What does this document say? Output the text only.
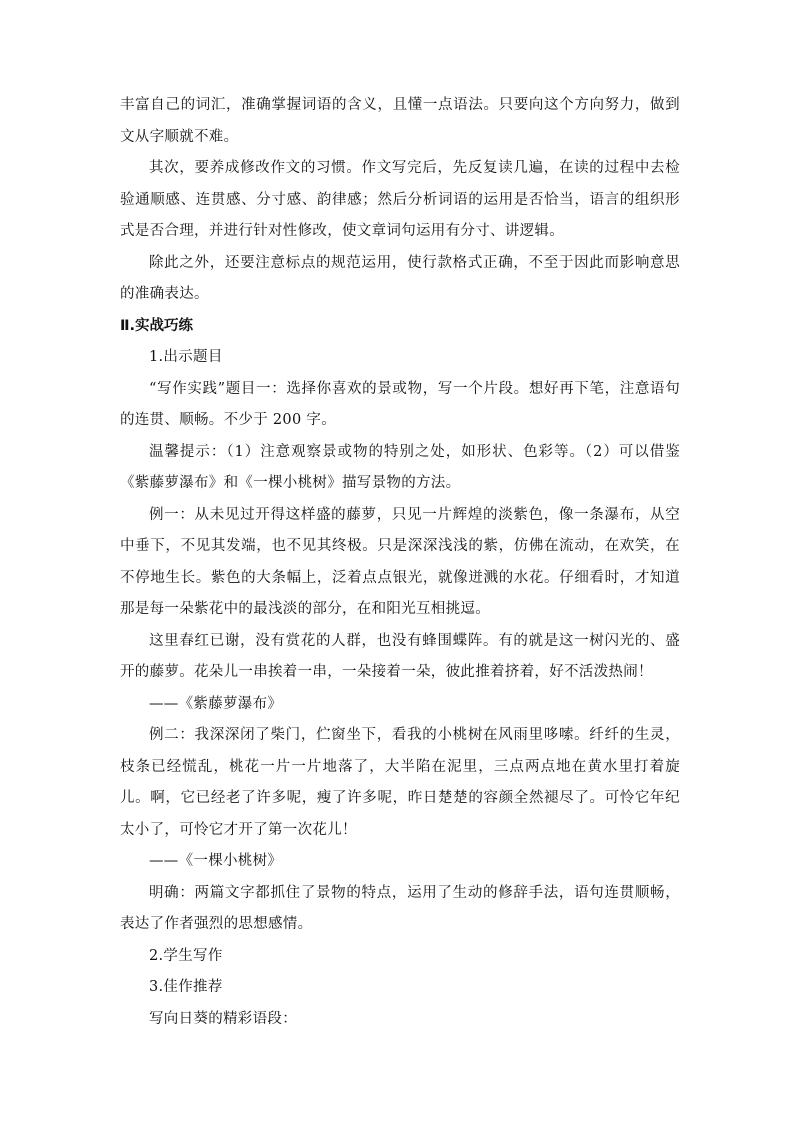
丰富自己的词汇，准确掌握词语的含义，且懂一点语法。只要向这个方向努力，做到文从字顺就不难。

其次，要养成修改作文的习惯。作文写完后，先反复读几遍，在读的过程中去检验通顺感、连贯感、分寸感、韵律感；然后分析词语的运用是否恰当，语言的组织形式是否合理，并进行针对性修改，使文章词句运用有分寸、讲逻辑。

除此之外，还要注意标点的规范运用，使行款格式正确，不至于因此而影响意思的准确表达。

Ⅱ.实战巧练

1.出示题目

“写作实践”题目一：选择你喜欢的景或物，写一个片段。想好再下笔，注意语句的连贯、顺畅。不少于 200 字。

温馨提示：（1）注意观察景或物的特别之处，如形状、色彩等。（2）可以借鉴《紫藤萝瀑布》和《一棵小桃树》描写景物的方法。

例一：从未见过开得这样盛的藤萝，只见一片辉煌的淡紫色，像一条瀑布，从空中垂下，不见其发端，也不见其终极。只是深深浅浅的紫，仿佛在流动，在欢笑，在不停地生长。紫色的大条幅上，泛着点点银光，就像迸溅的水花。仔细看时，才知道那是每一朵紫花中的最浅淡的部分，在和阳光互相挑逗。

这里春红已谢，没有赏花的人群，也没有蜂围蝶阵。有的就是这一树闪光的、盛开的藤萝。花朵儿一串挨着一串，一朵接着一朵，彼此推着挤着，好不活泼热闹！

——《紫藤萝瀑布》

例二：我深深闭了柴门，伫窗坐下，看我的小桃树在风雨里哆嗦。纤纤的生灵，枝条已经慌乱，桃花一片一片地落了，大半陷在泥里，三点两点地在黄水里打着旋儿。啊，它已经老了许多呢，瘦了许多呢，昨日楚楚的容颜全然褪尽了。可怜它年纪太小了，可怜它才开了第一次花儿！

——《一棵小桃树》

明确：两篇文字都抓住了景物的特点，运用了生动的修辞手法，语句连贯顺畅，表达了作者强烈的思想感情。

2.学生写作

3.佳作推荐

写向日葵的精彩语段：
